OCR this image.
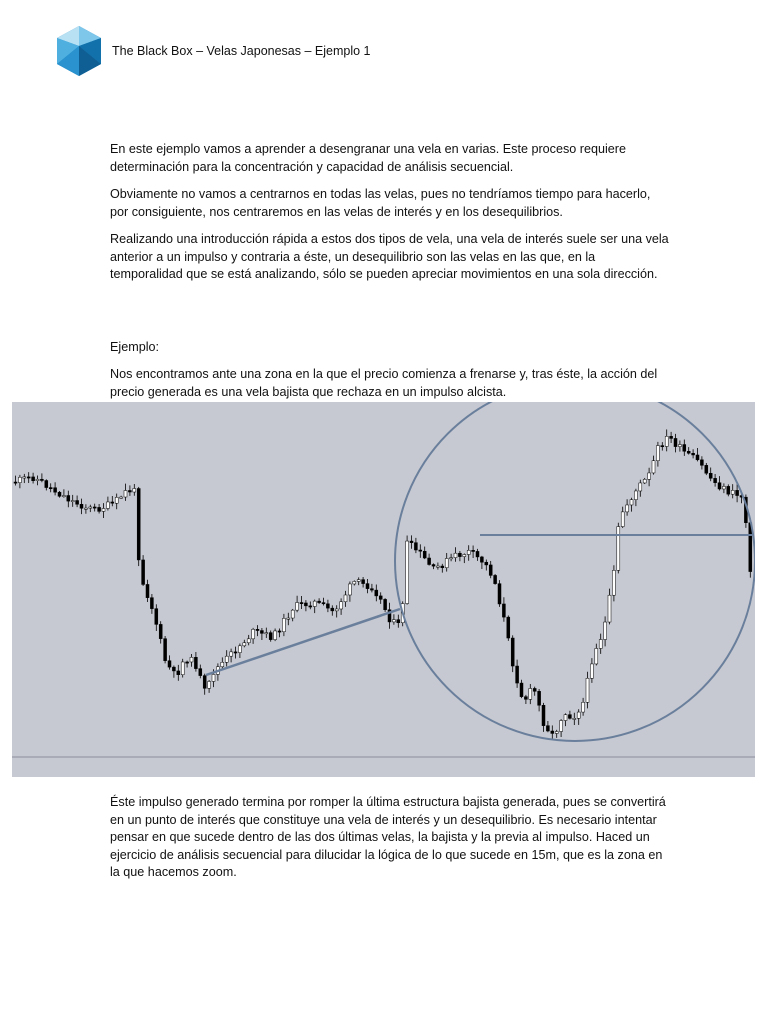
The Black Box – Velas Japonesas – Ejemplo 1

En este ejemplo vamos a aprender a desengranar una vela en varias. Este proceso requiere determinación para la concentración y capacidad de análisis secuencial.

Obviamente no vamos a centrarnos en todas las velas, pues no tendríamos tiempo para hacerlo, por consiguiente, nos centraremos en las velas de interés y en los desequilibrios.

Realizando una introducción rápida a estos dos tipos de vela, una vela de interés suele ser una vela anterior a un impulso y contraria a éste, un desequilibrio son las velas en las que, en la temporalidad que se está analizando, sólo se pueden apreciar movimientos en una sola dirección.

Ejemplo:

Nos encontramos ante una zona en la que el precio comienza a frenarse y, tras éste, la acción del precio generada es una vela bajista que rechaza en un impulso alcista.

Éste impulso generado termina por romper la última estructura bajista generada, pues se convertirá en un punto de interés que constituye una vela de interés y un desequilibrio. Es necesario intentar pensar en que sucede dentro de las dos últimas velas, la bajista y la previa al impulso. Haced un ejercicio de análisis secuencial para dilucidar la lógica de lo que sucede en 15m, que es la zona en la que hacemos zoom.
